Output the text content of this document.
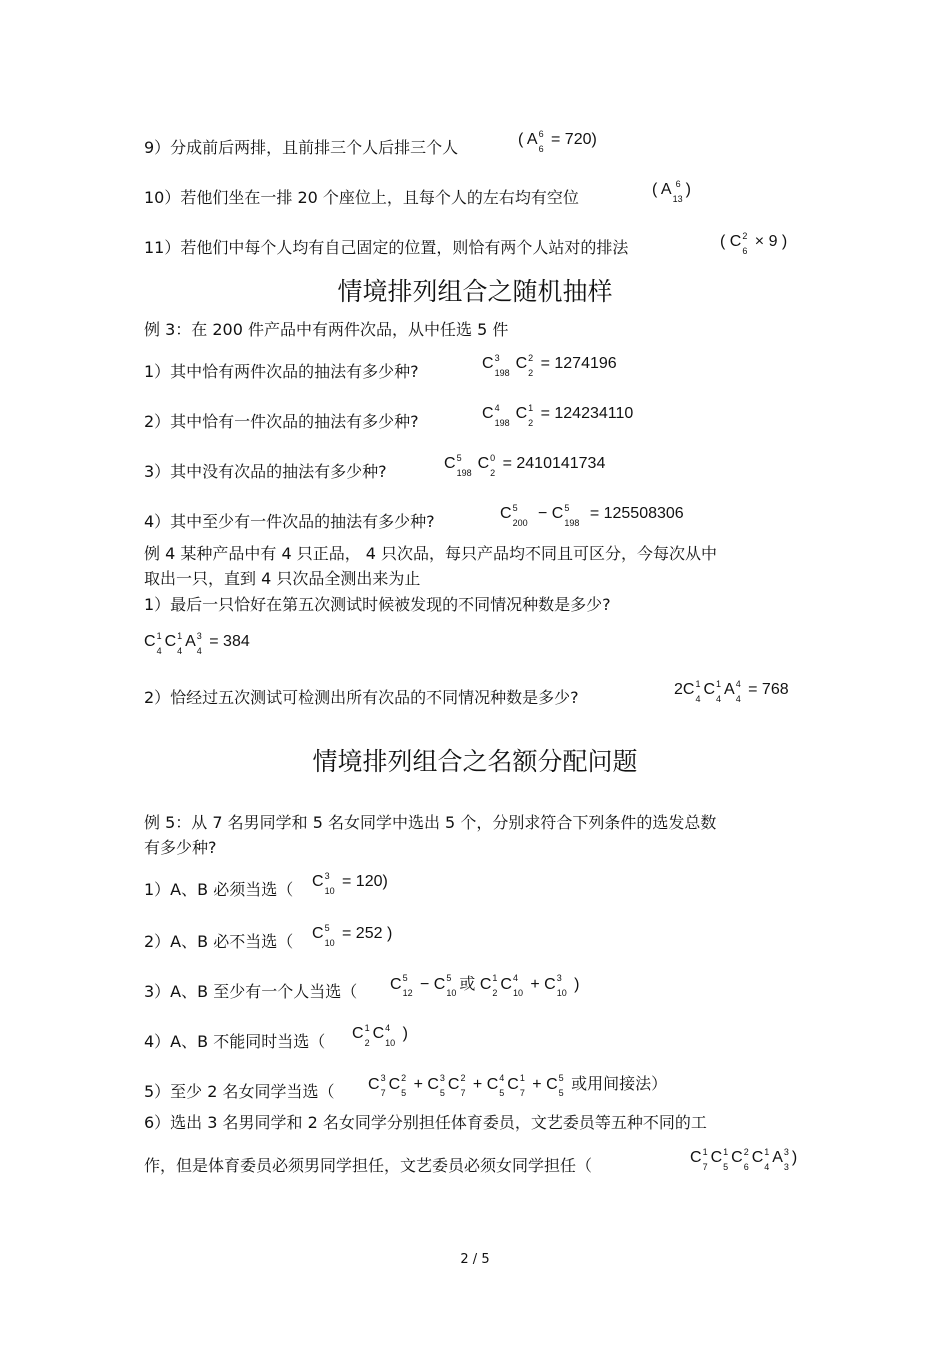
9）分成前后两排，且前排三个人后排三个人	( A 6
6
= 720)
10）若他们坐在一排 20 个座位上，且每个人的左右均有空位	( A 6
13
)
11）若他们中每个人均有自己固定的位置，则恰有两个人站对的排法	( C 2
6
× 9 )
情境排列组合之随机抽样
例 3：在 200 件产品中有两件次品，从中任选 5 件
1）其中恰有两件次品的抽法有多少种?	C 3
198
C 2
2
= 1274196
2）其中恰有一件次品的抽法有多少种?	C 4
198
C 1
2
= 124234110
3）其中没有次品的抽法有多少种?	C 5
198
C 0
2
= 2410141734
4）其中至少有一件次品的抽法有多少种?	C 5
200
− C 5
198
= 125508306
例 4 某种产品中有 4 只正品， 4 只次品，每只产品均不同且可区分，今每次从中
取出一只，直到 4 只次品全测出来为止
1）最后一只恰好在第五次测试时候被发现的不同情况种数是多少?
C 1
4
C 1
4
A 3
4
= 384
2）恰经过五次测试可检测出所有次品的不同情况种数是多少?	2C 1
4
C 1
4
A 4
4
= 768
情境排列组合之名额分配问题
例 5：从 7 名男同学和 5 名女同学中选出 5 个，分别求符合下列条件的选发总数
有多少种?
1）A、B 必须当选（ C 3
10
= 120)
2）A、B 必不当选（ C 5
10
= 252 )
3）A、B 至少有一个人当选（ C 5
12 − C 5
10 或 C 1
2 C 4
10 + C 3
10 )
4）A、B 不能同时当选（ C 1
2
C 4
10
)
5）至少 2 名女同学当选（ C 3
7 C 2
5 + C 3
5 C 2
7 + C 4
5 C 1
7 + C 5
5 或用间接法）
6）选出 3 名男同学和 2 名女同学分别担任体育委员，文艺委员等五种不同的工
作，但是体育委员必须男同学担任，文艺委员必须女同学担任（	C 1
7
C 1
5
C 2
6
C 1
4
A 3
3
)
2 / 5
